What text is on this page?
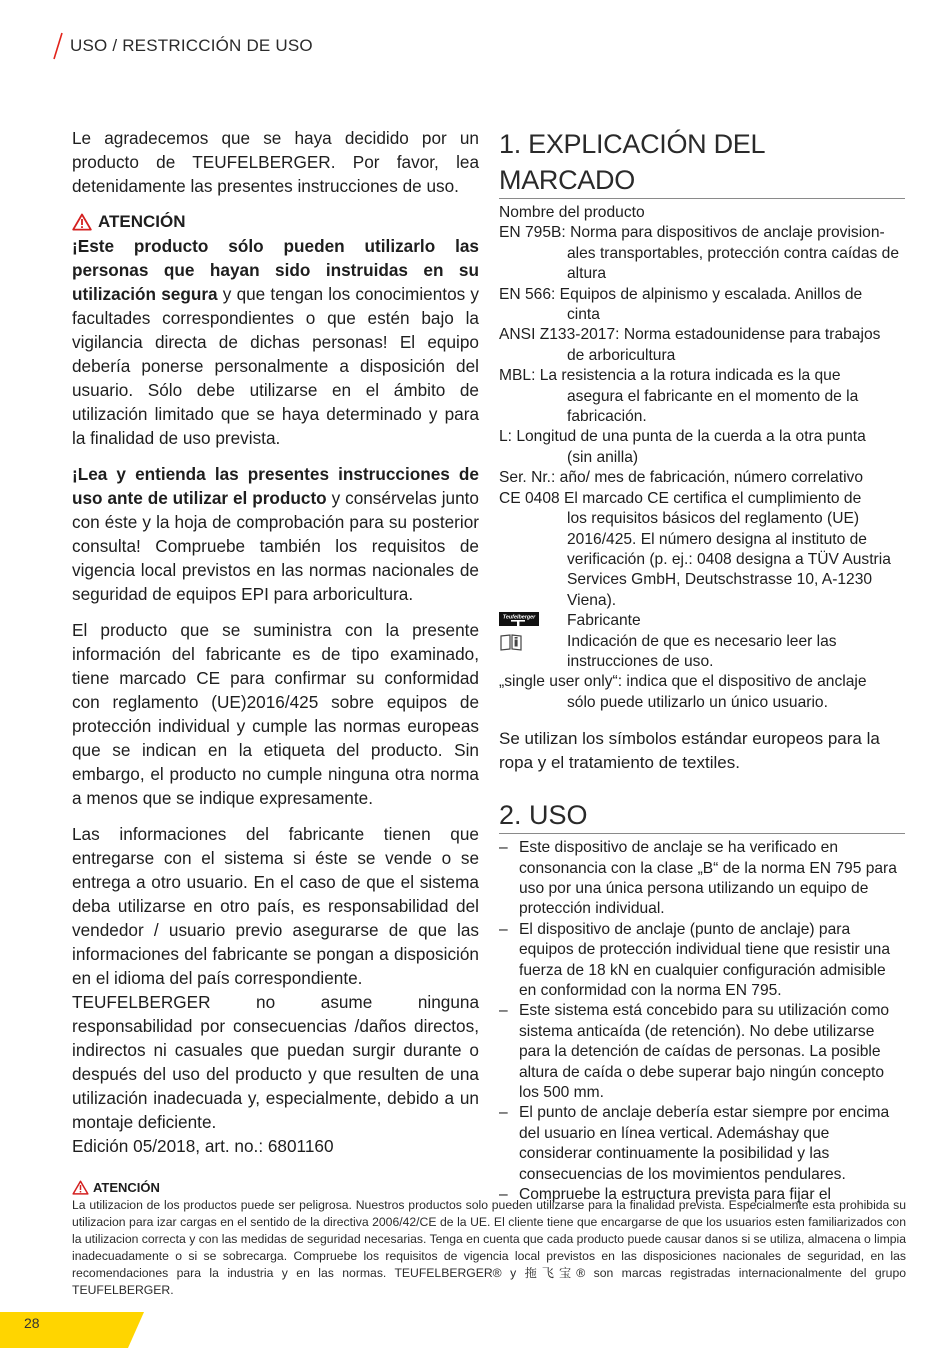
USO / RESTRICCIÓN DE USO

Le agradecemos que se haya decidido por un producto de TEUFELBERGER. Por favor, lea detenidamente las presentes instrucciones de uso.

ATENCIÓN

¡Este producto sólo pueden utilizarlo las personas que hayan sido instruidas en su utilización segura y que tengan los conocimientos y facultades correspondientes o que estén bajo la vigilancia directa de dichas personas! El equipo debería ponerse personalmente a disposición del usuario. Sólo debe utilizarse en el ámbito de utilización limitado que se haya determinado y para la finalidad de uso prevista.

¡Lea y entienda las presentes instrucciones de uso ante de utilizar el producto y consérvelas junto con éste y la hoja de comprobación para su posterior consulta! Compruebe también los requisitos de vigencia local previstos en las normas nacionales de seguridad de equipos EPI para arboricultura.

El producto que se suministra con la presente información del fabricante es de tipo examinado, tiene marcado CE para confirmar su conformidad con reglamento (UE)2016/425 sobre equipos de protección individual y cumple las normas europeas que se indican en la etiqueta del producto. Sin embargo, el producto no cumple ninguna otra norma a menos que se indique expresamente.

Las informaciones del fabricante tienen que entregarse con el sistema si éste se vende o se entrega a otro usuario. En el caso de que el sistema deba utilizarse en otro país, es responsabilidad del vendedor / usuario previo asegurarse de que las informaciones del fabricante se pongan a disposición en el idioma del país correspondiente.

TEUFELBERGER no asume ninguna responsabilidad por consecuencias /daños directos, indirectos ni casuales que puedan surgir durante o después del uso del producto y que resulten de una utilización inadecuada y, especialmente, debido a un montaje deficiente.

Edición 05/2018, art. no.: 6801160

1. EXPLICACIÓN DEL MARCADO
Nombre del producto
EN 795B: Norma para dispositivos de anclaje provision-
ales transportables, protección contra caídas de altura
EN 566: Equipos de alpinismo y escalada. Anillos de
cinta
ANSI Z133-2017: Norma estadounidense para trabajos
de arboricultura
MBL: La resistencia a la rotura indicada es la que
asegura el fabricante en el momento de la fabricación.
L: Longitud de una punta de la cuerda a la otra punta
(sin anilla)
Ser. Nr.: año/ mes de fabricación, número correlativo
CE 0408 El marcado CE certifica el cumplimiento de
los requisitos básicos del reglamento (UE) 2016/425. El número designa al instituto de verificación (p. ej.: 0408 designa a TÜV Austria Services GmbH, Deutschstrasse 10, A-1230 Viena).
Teufelberger Fabricante
Indicación de que es necesario leer las instrucciones de uso.
„single user only“: indica que el dispositivo de anclaje
sólo puede utilizarlo un único usuario.

Se utilizan los símbolos estándar europeos para la ropa y el tratamiento de textiles.

2. USO
– Este dispositivo de anclaje se ha verificado en consonancia con la clase „B“ de la norma EN 795 para uso por una única persona utilizando un equipo de protección individual.
– El dispositivo de anclaje (punto de anclaje) para equipos de protección individual tiene que resistir una fuerza de 18 kN en cualquier configuración admisible en conformidad con la norma EN 795.
– Este sistema está concebido para su utilización como sistema anticaída (de retención). No debe utilizarse para la detención de caídas de personas. La posible altura de caída o debe superar bajo ningún concepto los 500 mm.
– El punto de anclaje debería estar siempre por encima del usuario en línea vertical. Ademáshay que considerar continuamente la posibilidad y las consecuencias de los movimientos pendulares.
– Compruebe la estructura prevista para fijar el
ATENCIÓN

La utilizacion de los productos puede ser peligrosa. Nuestros productos solo pueden utilizarse para la finalidad prevista. Especialmente esta prohibida su utilizacion para izar cargas en el sentido de la directiva 2006/42/CE de la UE. El cliente tiene que encargarse de que los usuarios esten familiarizados con la utilizacion correcta y con las medidas de seguridad necesarias. Tenga en cuenta que cada producto puede causar danos si se utiliza, almacena o limpia inadecuadamente o si se sobrecarga. Compruebe los requisitos de vigencia local previstos en las disposiciones nacionales de seguridad, en las recomendaciones para la industria y en las normas. TEUFELBERGER® y 拖飞宝® son marcas registradas internacionalmente del grupo TEUFELBERGER.

28
